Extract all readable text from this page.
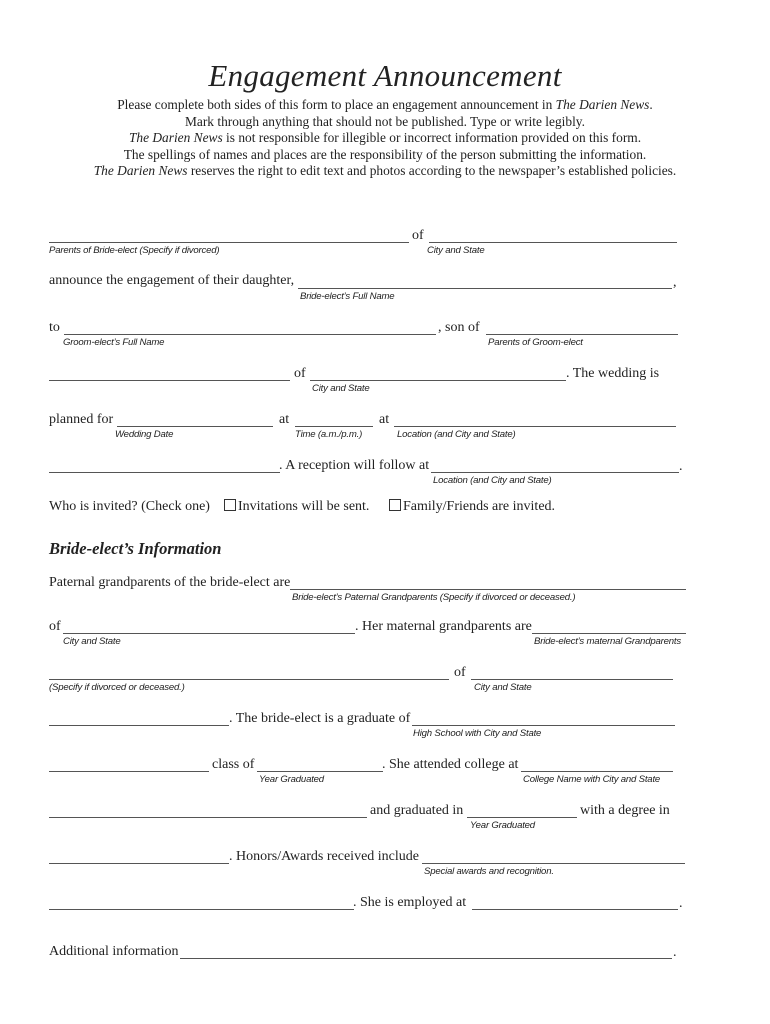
Engagement Announcement
Please complete both sides of this form to place an engagement announcement in The Darien News.
Mark through anything that should not be published. Type or write legibly.
The Darien News is not responsible for illegible or incorrect information provided on this form.
The spellings of names and places are the responsibility of the person submitting the information.
The Darien News reserves the right to edit text and photos according to the newspaper’s established policies.
of
Parents of Bride-elect (Specify if divorced)	City and State
announce the engagement of their daughter,	,
Bride-elect’s Full Name
to	, son of
Groom-elect’s Full Name	Parents of Groom-elect
of	. The wedding is
City and State
planned for	at	at
Wedding Date	Time (a.m./p.m.)	Location (and City and State)
. A reception will follow at	.
Location (and City and State)
Who is invited? (Check one)	Invitations will be sent.	Family/Friends are invited.
Bride-elect’s Information
Paternal grandparents of the bride-elect are
Bride-elect’s Paternal Grandparents (Specify if divorced or deceased.)
of	. Her maternal grandparents are
City and State	Bride-elect’s maternal Grandparents
of
(Specify if divorced or deceased.)	City and State
. The bride-elect is a graduate of
High School with City and State
class of	. She attended college at
Year Graduated	College Name with City and State
and graduated in	with a degree in
Year Graduated
. Honors/Awards received include
Special awards and recognition.
. She is employed at	.
Additional information	.
